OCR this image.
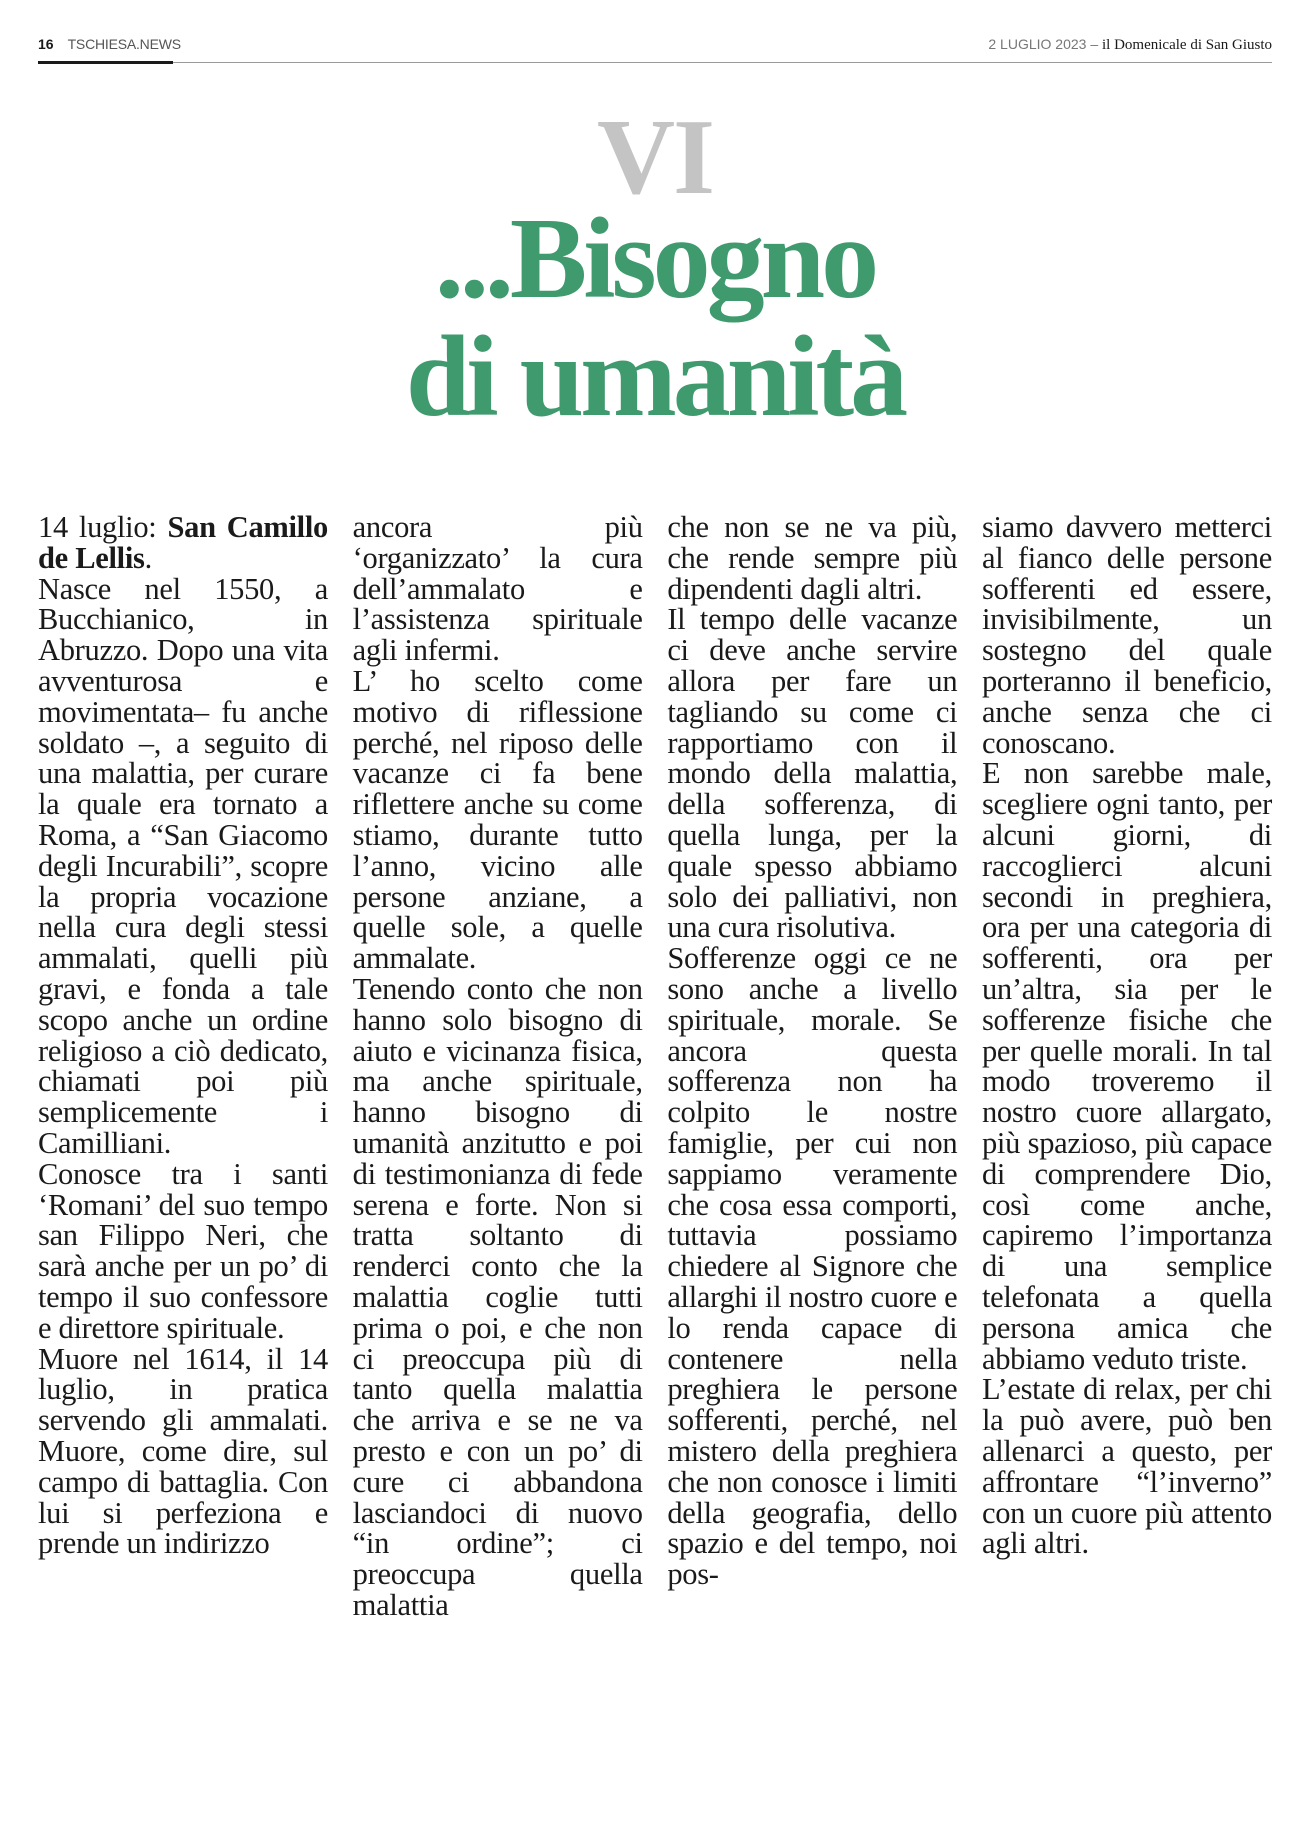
16 TSCHIESA.NEWS	2 LUGLIO 2023 – il Domenicale di San Giusto
VI
...Bisogno
di umanità

14 luglio: San Camillo de Lellis.

Nasce nel 1550, a Bucchianico, in Abruzzo. Dopo una vita avventurosa e movimentata– fu anche soldato –, a seguito di una malattia, per curare la quale era tornato a Roma, a “San Giacomo degli Incurabili”, scopre la propria vocazione nella cura degli stessi ammalati, quelli più gravi, e fonda a tale scopo anche un ordine religioso a ciò dedicato, chiamati poi più semplicemente i Camilliani.

Conosce tra i santi ‘Romani’ del suo tempo san Filippo Neri, che sarà anche per un po’ di tempo il suo confessore e direttore spirituale.

Muore nel 1614, il 14 luglio, in pratica servendo gli ammalati. Muore, come dire, sul campo di battaglia. Con lui si perfeziona e prende un indirizzo

ancora più ‘organizzato’ la cura dell’ammalato e l’assistenza spirituale agli infermi.

L’ ho scelto come motivo di riflessione perché, nel riposo delle vacanze ci fa bene riflettere anche su come stiamo, durante tutto l’anno, vicino alle persone anziane, a quelle sole, a quelle ammalate.

Tenendo conto che non hanno solo bisogno di aiuto e vicinanza fisica, ma anche spirituale, hanno bisogno di umanità anzitutto e poi di testimonianza di fede serena e forte. Non si tratta soltanto di renderci conto che la malattia coglie tutti prima o poi, e che non ci preoccupa più di tanto quella malattia che arriva e se ne va presto e con un po’ di cure ci abbandona lasciandoci di nuovo “in ordine”; ci preoccupa quella malattia

che non se ne va più, che rende sempre più dipendenti dagli altri.

Il tempo delle vacanze ci deve anche servire allora per fare un tagliando su come ci rapportiamo con il mondo della malattia, della sofferenza, di quella lunga, per la quale spesso abbiamo solo dei palliativi, non una cura risolutiva.

Sofferenze oggi ce ne sono anche a livello spirituale, morale. Se ancora questa sofferenza non ha colpito le nostre famiglie, per cui non sappiamo veramente che cosa essa comporti, tuttavia possiamo chiedere al Signore che allarghi il nostro cuore e lo renda capace di contenere nella preghiera le persone sofferenti, perché, nel mistero della preghiera che non conosce i limiti della geografia, dello spazio e del tempo, noi pos-

siamo davvero metterci al fianco delle persone sofferenti ed essere, invisibilmente, un sostegno del quale porteranno il beneficio, anche senza che ci conoscano.

E non sarebbe male, scegliere ogni tanto, per alcuni giorni, di raccoglierci alcuni secondi in preghiera, ora per una categoria di sofferenti, ora per un’altra, sia per le sofferenze fisiche che per quelle morali. In tal modo troveremo il nostro cuore allargato, più spazioso, più capace di comprendere Dio, così come anche, capiremo l’importanza di una semplice telefonata a quella persona amica che abbiamo veduto triste.

L’estate di relax, per chi la può avere, può ben allenarci a questo, per affrontare “l’inverno” con un cuore più attento agli altri.
